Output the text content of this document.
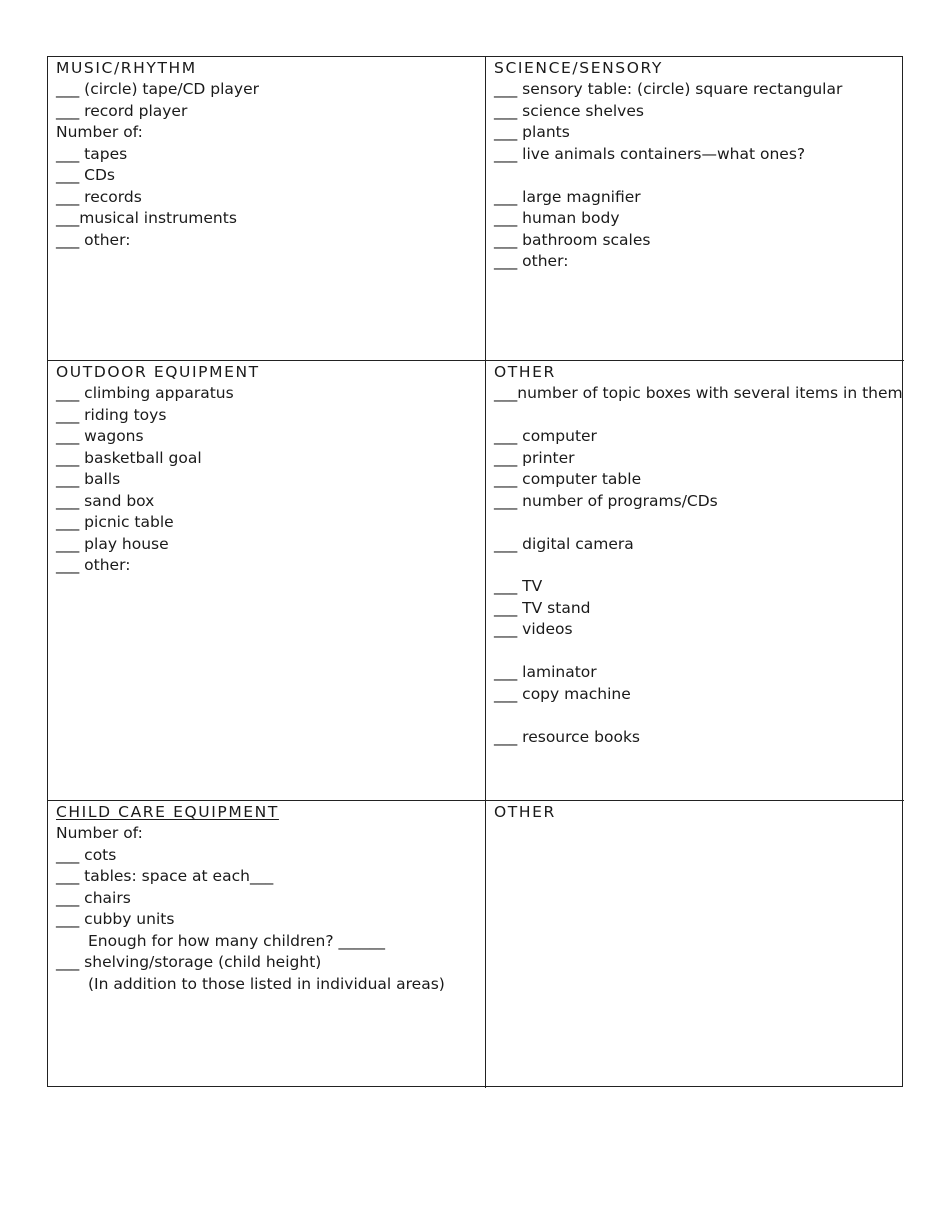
MUSIC/RHYTHM
___ (circle) tape/CD player
___ record player
Number of:
___ tapes
___ CDs
___ records
___musical instruments
___ other:
SCIENCE/SENSORY
___ sensory table: (circle) square rectangular
___ science shelves
___ plants
___ live animals containers—what ones?
___ large magnifier
___ human body
___ bathroom scales
___ other:
OUTDOOR EQUIPMENT
___ climbing apparatus
___ riding toys
___ wagons
___ basketball goal
___ balls
___ sand box
___ picnic table
___ play house
___ other:
OTHER
___number of topic boxes with several items in them
___ computer
___ printer
___ computer table
___ number of programs/CDs
___ digital camera
___ TV
___ TV stand
___ videos
___ laminator
___ copy machine
___ resource books
CHILD CARE EQUIPMENT
Number of:
___ cots
___ tables: space at each___
___ chairs
___ cubby units
Enough for how many children? ______
___ shelving/storage (child height)
(In addition to those listed in individual areas)
OTHER
